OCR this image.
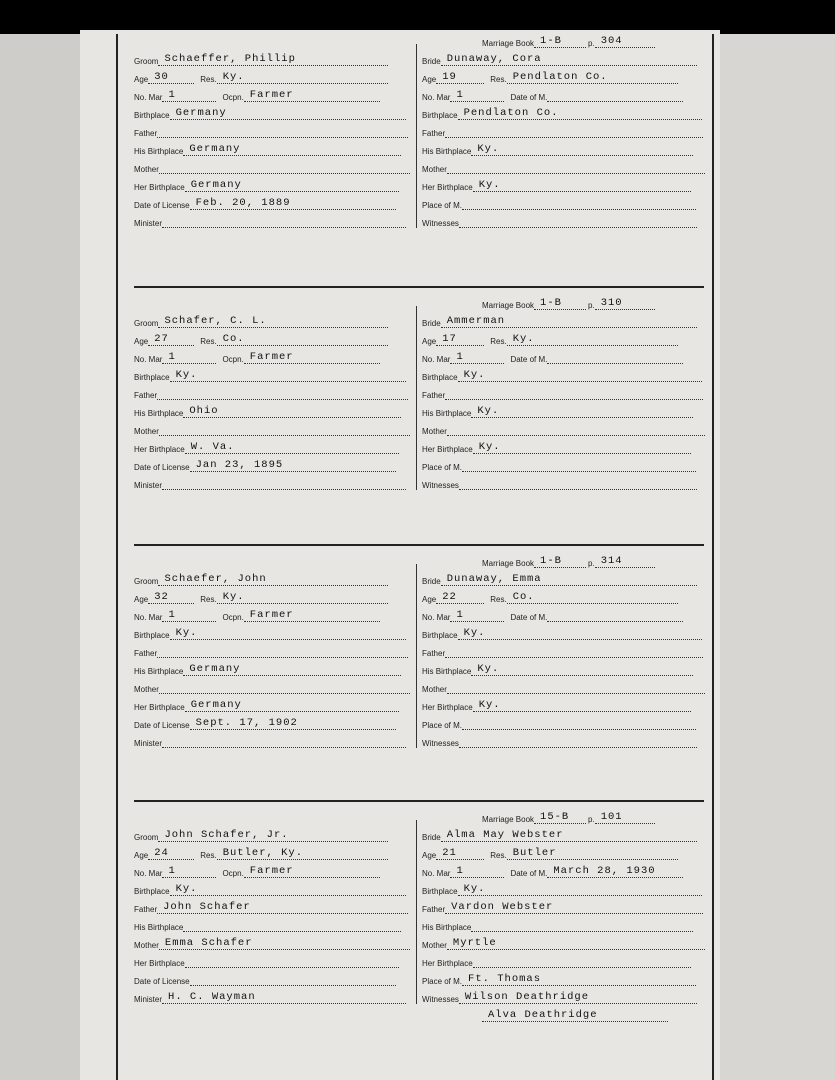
Groom Schaeffer, Phillip
Age 30	Res. Ky.
No. Mar 1	Ocpn. Farmer
Birthplace Germany
Father
His Birthplace Germany
Mother
Her Birthplace Germany
Date of License Feb. 20, 1889
Minister
Marriage Book 1-B	p. 304
Bride Dunaway, Cora
Age 19	Res. Pendlaton Co.
No. Mar 1	Date of M.
Birthplace Pendlaton Co.
Father
His Birthplace Ky.
Mother
Her Birthplace Ky.
Place of M.
Witnesses
Groom Schafer, C. L.
Age 27	Res. Co.
No. Mar 1	Ocpn. Farmer
Birthplace Ky.
Father
His Birthplace Ohio
Mother
Her Birthplace W. Va.
Date of License Jan 23, 1895
Minister
Marriage Book 1-B	p. 310
Bride Ammerman
Age 17	Res. Ky.
No. Mar 1	Date of M.
Birthplace Ky.
Father
His Birthplace Ky.
Mother
Her Birthplace Ky.
Place of M.
Witnesses
Groom Schaefer, John
Age 32	Res. Ky.
No. Mar 1	Ocpn. Farmer
Birthplace Ky.
Father
His Birthplace Germany
Mother
Her Birthplace Germany
Date of License Sept. 17, 1902
Minister
Marriage Book 1-B	p. 314
Bride Dunaway, Emma
Age 22	Res. Co.
No. Mar 1	Date of M.
Birthplace Ky.
Father
His Birthplace Ky.
Mother
Her Birthplace Ky.
Place of M.
Witnesses
Groom John Schafer, Jr.
Age 24	Res. Butler, Ky.
No. Mar 1	Ocpn. Farmer
Birthplace Ky.
Father John Schafer
His Birthplace
Mother Emma Schafer
Her Birthplace
Date of License
Minister H. C. Wayman
Marriage Book 15-B	p. 101
Bride Alma May Webster
Age 21	Res. Butler
No. Mar 1	Date of M. March 28, 1930
Birthplace Ky.
Father Vardon Webster
His Birthplace
Mother Myrtle
Her Birthplace
Place of M. Ft. Thomas
Witnesses Wilson Deathridge
Alva Deathridge
